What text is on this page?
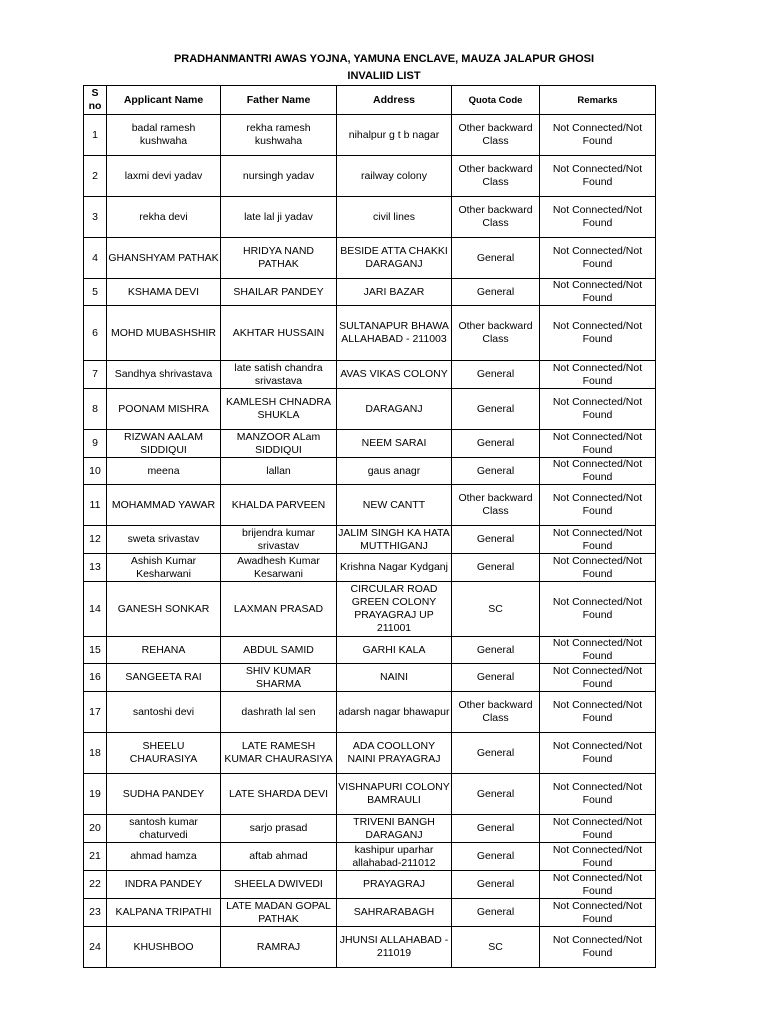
PRADHANMANTRI AWAS YOJNA, YAMUNA ENCLAVE, MAUZA JALAPUR GHOSI
INVALIID LIST
S no	Applicant Name	Father Name	Address	Quota Code	Remarks
1	badal ramesh kushwaha	rekha ramesh kushwaha	nihalpur g t b nagar	Other backward Class	Not Connected/Not Found
2	laxmi devi yadav	nursingh yadav	railway colony	Other backward Class	Not Connected/Not Found
3	rekha devi	late lal ji yadav	civil lines	Other backward Class	Not Connected/Not Found
4	GHANSHYAM PATHAK	HRIDYA NAND PATHAK	BESIDE ATTA CHAKKI DARAGANJ	General	Not Connected/Not Found
5	KSHAMA DEVI	SHAILAR PANDEY	JARI BAZAR	General	Not Connected/Not Found
6	MOHD MUBASHSHIR	AKHTAR HUSSAIN	SULTANAPUR BHAWA ALLAHABAD - 211003	Other backward Class	Not Connected/Not Found
7	Sandhya shrivastava	late satish chandra srivastava	AVAS VIKAS COLONY	General	Not Connected/Not Found
8	POONAM MISHRA	KAMLESH CHNADRA SHUKLA	DARAGANJ	General	Not Connected/Not Found
9	RIZWAN AALAM SIDDIQUI	MANZOOR ALam SIDDIQUI	NEEM SARAI	General	Not Connected/Not Found
10	meena	lallan	gaus anagr	General	Not Connected/Not Found
11	MOHAMMAD YAWAR	KHALDA PARVEEN	NEW CANTT	Other backward Class	Not Connected/Not Found
12	sweta srivastav	brijendra kumar srivastav	JALIM SINGH KA HATA MUTTHIGANJ	General	Not Connected/Not Found
13	Ashish Kumar Kesharwani	Awadhesh Kumar Kesarwani	Krishna Nagar Kydganj	General	Not Connected/Not Found
14	GANESH SONKAR	LAXMAN PRASAD	CIRCULAR ROAD GREEN COLONY PRAYAGRAJ UP 211001	SC	Not Connected/Not Found
15	REHANA	ABDUL SAMID	GARHI KALA	General	Not Connected/Not Found
16	SANGEETA RAI	SHIV KUMAR SHARMA	NAINI	General	Not Connected/Not Found
17	santoshi devi	dashrath lal sen	adarsh nagar bhawapur	Other backward Class	Not Connected/Not Found
18	SHEELU CHAURASIYA	LATE RAMESH KUMAR CHAURASIYA	ADA COOLLONY NAINI PRAYAGRAJ	General	Not Connected/Not Found
19	SUDHA PANDEY	LATE SHARDA DEVI	VISHNAPURI COLONY BAMRAULI	General	Not Connected/Not Found
20	santosh kumar chaturvedi	sarjo prasad	TRIVENI BANGH DARAGANJ	General	Not Connected/Not Found
21	ahmad hamza	aftab ahmad	kashipur uparhar allahabad-211012	General	Not Connected/Not Found
22	INDRA PANDEY	SHEELA DWIVEDI	PRAYAGRAJ	General	Not Connected/Not Found
23	KALPANA TRIPATHI	LATE MADAN GOPAL PATHAK	SAHRARABAGH	General	Not Connected/Not Found
24	KHUSHBOO	RAMRAJ	JHUNSI ALLAHABAD - 211019	SC	Not Connected/Not Found
